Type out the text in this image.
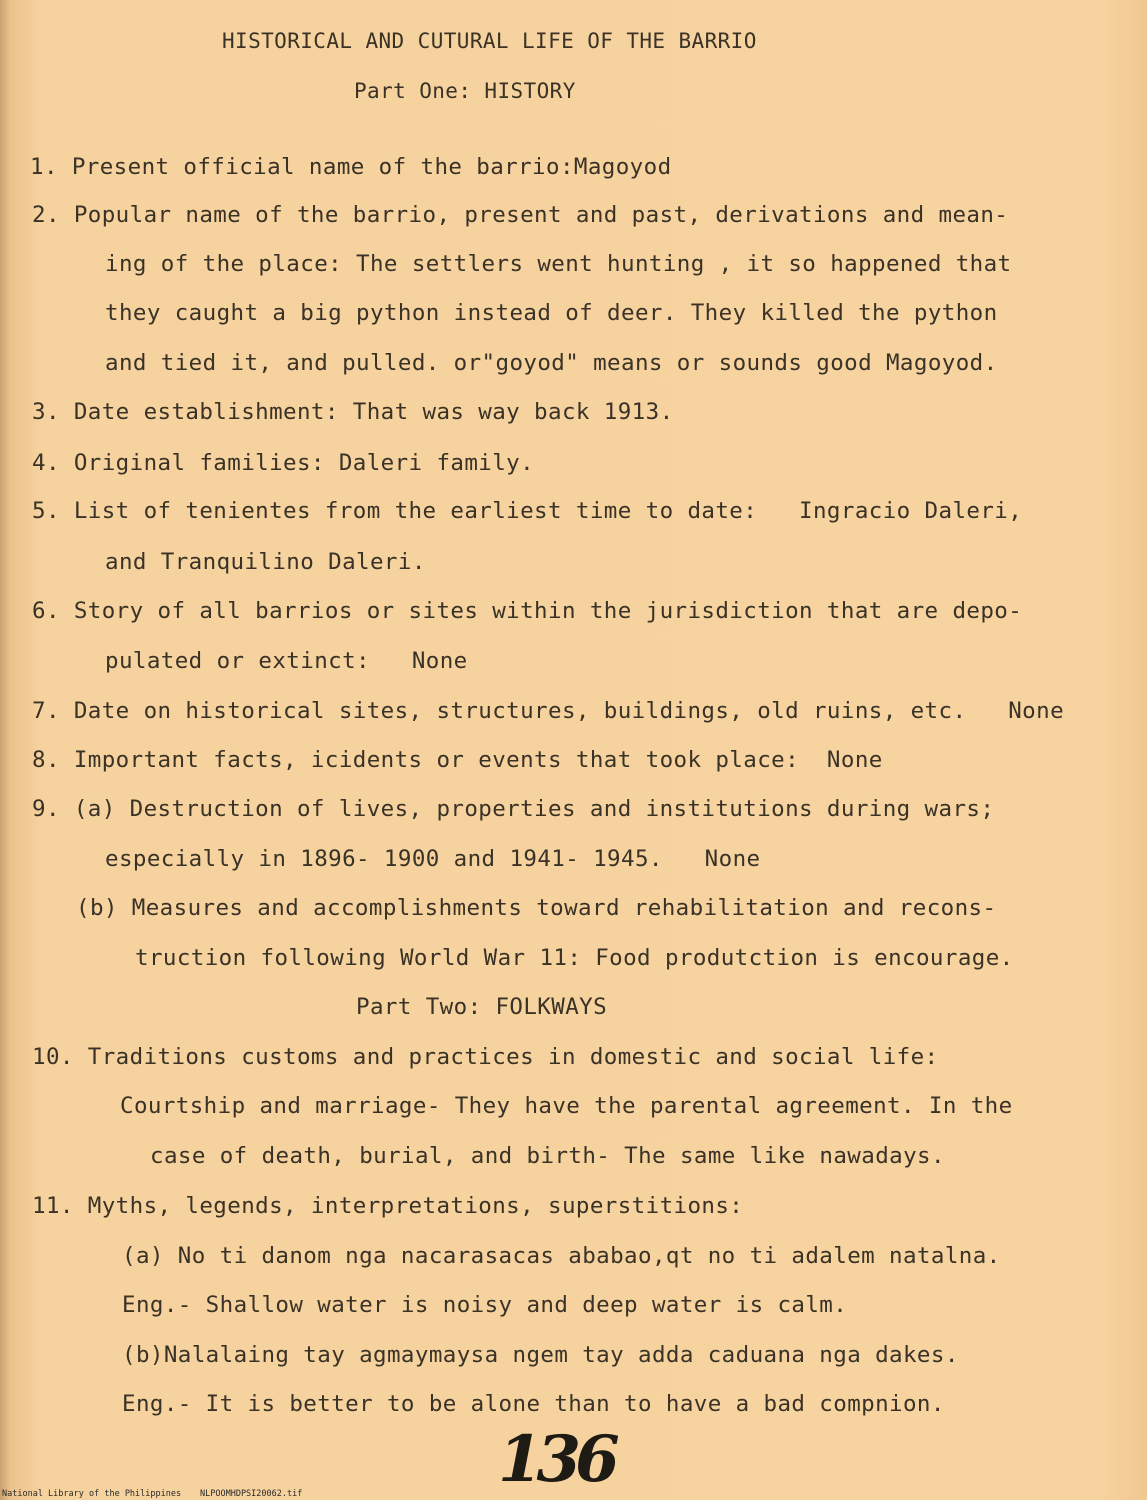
HISTORICAL AND CUTURAL LIFE OF THE BARRIO
Part One: HISTORY
1. Present official name of the barrio:Magoyod
2. Popular name of the barrio, present and past, derivations and mean-
ing of the place: The settlers went hunting , it so happened that
they caught a big python instead of deer. They killed the python
and tied it, and pulled. or"goyod" means or sounds good Magoyod.
3. Date establishment: That was way back 1913.
4. Original families: Daleri family.
5. List of tenientes from the earliest time to date:   Ingracio Daleri,
and Tranquilino Daleri.
6. Story of all barrios or sites within the jurisdiction that are depo-
pulated or extinct:   None
7. Date on historical sites, structures, buildings, old ruins, etc.   None
8. Important facts, icidents or events that took place:  None
9. (a) Destruction of lives, properties and institutions during wars;
especially in 1896- 1900 and 1941- 1945.   None
(b) Measures and accomplishments toward rehabilitation and recons-
truction following World War 11: Food produtction is encourage.
Part Two: FOLKWAYS
10. Traditions customs and practices in domestic and social life:
Courtship and marriage- They have the parental agreement. In the
case of death, burial, and birth- The same like nawadays.
11. Myths, legends, interpretations, superstitions:
(a) No ti danom nga nacarasacas ababao,qt no ti adalem natalna.
Eng.- Shallow water is noisy and deep water is calm.
(b)Nalalaing tay agmaymaysa ngem tay adda caduana nga dakes.
Eng.- It is better to be alone than to have a bad compnion.
136
National Library of the Philippines NLPOOMHDPSI20062.tif
